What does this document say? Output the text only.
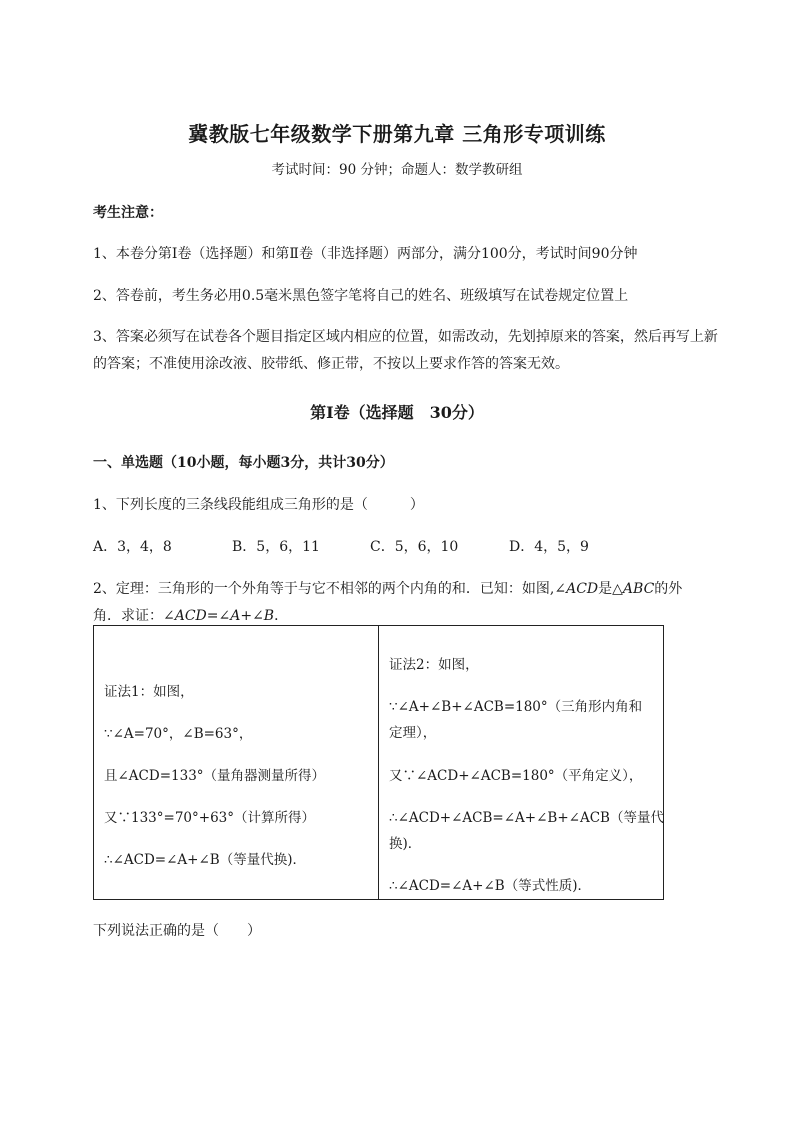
冀教版七年级数学下册第九章 三角形专项训练
考试时间：90 分钟；命题人：数学教研组
考生注意：
1、本卷分第Ⅰ卷（选择题）和第Ⅱ卷（非选择题）两部分，满分100分，考试时间90分钟
2、答卷前，考生务必用0.5毫米黑色签字笔将自己的姓名、班级填写在试卷规定位置上
3、答案必须写在试卷各个题目指定区域内相应的位置，如需改动，先划掉原来的答案，然后再写上新
的答案；不准使用涂改液、胶带纸、修正带，不按以上要求作答的答案无效。
第Ⅰ卷（选择题　30分）
一、单选题（10小题，每小题3分，共计30分）
1、下列长度的三条线段能组成三角形的是（　　　）
A．3，4，8	B．5，6，11	C．5，6，10	D．4，5，9
2、定理：三角形的一个外角等于与它不相邻的两个内角的和．已知：如图,∠ACD是△ABC的外
角．求证：∠ACD=∠A+∠B．
证法1：如图，
∵∠A=70°，∠B=63°，
且∠ACD=133°（量角器测量所得）
又∵133°=70°+63°（计算所得）
∴∠ACD=∠A+∠B（等量代换)．

证法2：如图，
∵∠A+∠B+∠ACB=180°（三角形内角和
定理），
又∵∠ACD+∠ACB=180°（平角定义），
∴∠ACD+∠ACB=∠A+∠B+∠ACB（等量代
换)．
∴∠ACD=∠A+∠B（等式性质)．
下列说法正确的是（　　）
